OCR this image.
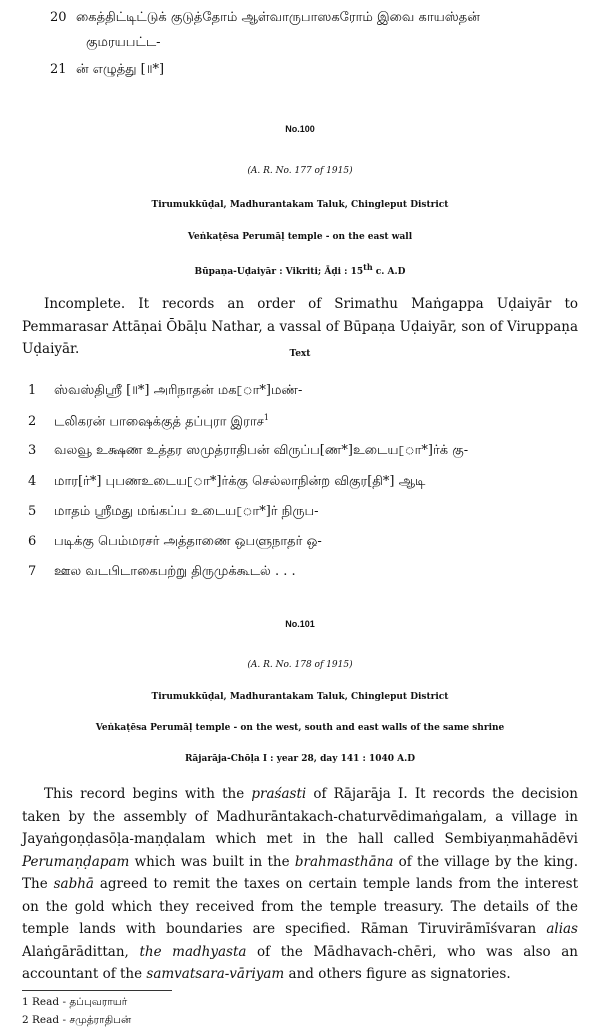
20 கைத்திட்டிட்டுக் குடுத்தோம் ஆள்வாருபாஸகரோம் இவை காயஸ்தன்
குமரயபட்ட-
21 ன் எழுத்து [॥*]
No.100
(A. R. No. 177 of 1915)
Tirumukkūḍal, Madhurantakam Taluk, Chingleput District
Veṅkaṭēsa Perumāḷ temple - on the east wall
Būpaṇa-Uḍaiyār : Vikriti; Āḍi : 15th c. A.D
Incomplete. It records an order of Srimathu Maṅgappa Uḍaiyār to Pemmarasar Attāṇai Ōbāḷu Nathar, a vassal of Būpaṇa Uḍaiyār, son of Viruppaṇa Uḍaiyār.	Text
1 ஸ்வஸ்திஸ்ரீ [॥*] அரிநாதன் மக[ா*]மண்-
2 டலிகரன் பாஷைக்குத் தப்புரா இராச$^1$
3 வலவூ உக்ஷண உத்தர ஸமுத்ராதிபன் விருப்ப[ண*]உடைய[ா*]ர்க் கு-
4 மார[ர்*] புபணஉடைய[ா*]ர்க்கு செல்லாநின்ற விகுர[தி*] ஆடி
5 மாதம் ஸ்ரீமது மங்கப்ப உடைய[ா*]ர் நிருப-
6 படிக்கு பெம்மரசர் அத்தாணை ஒபளுநாதர் ஒ-
7 ஊல வடபிடாகைபற்று திருமுக்கூடல் . . .
No.101
(A. R. No. 178 of 1915)
Tirumukkūḍal, Madhurantakam Taluk, Chingleput District
Veṅkaṭēsa Perumāḷ temple - on the west, south and east walls of the same shrine
Rājarāja-Chōḷa I : year 28, day 141 : 1040 A.D
This record begins with the praśasti of Rājarāja I. It records the decision taken by the assembly of Madhurāntakach-chaturvēdimaṅgalam, a village in Jayaṅgoṇḍasōḷa-maṇḍalam which met in the hall called Sembiyaṇmahādēvi Perumaṇḍapam which was built in the brahmasthāna of the village by the king. The sabhā agreed to remit the taxes on certain temple lands from the interest on the gold which they received from the temple treasury. The details of the temple lands with boundaries are specified. Rāman Tiruvirāmīśvaran alias Alaṅgārādittan, the madhyasta of the Mādhavach-chēri, who was also an accountant of the samvatsara-vāriyam and others figure as signatories.
1 Read - தப்புவராயர்
2 Read - சமுத்ராதிபன்
